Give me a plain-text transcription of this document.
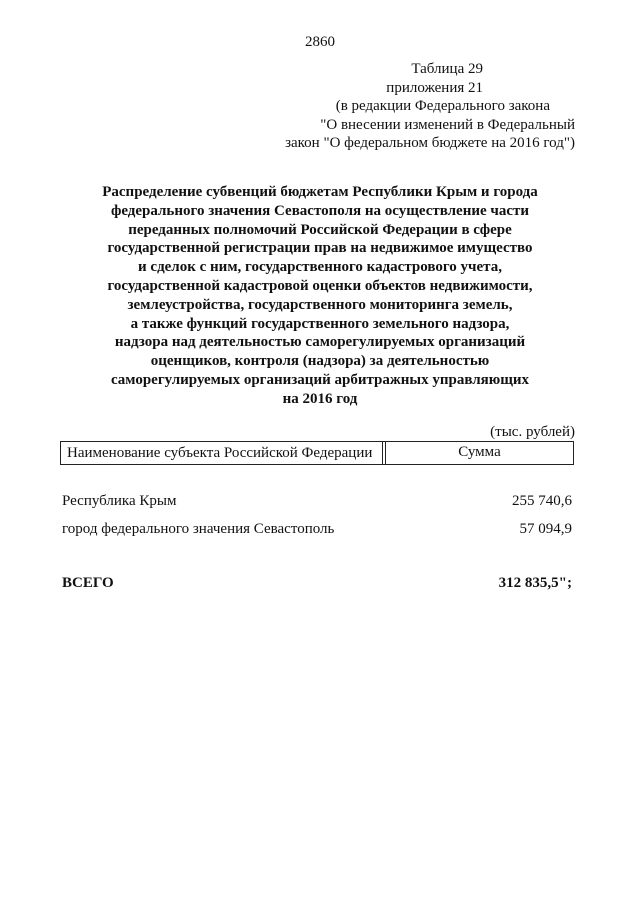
2860
Таблица 29
приложения 21
(в редакции Федерального закона
"О внесении изменений в Федеральный
закон "О федеральном бюджете на 2016 год")
Распределение субвенций бюджетам Республики Крым и города
федерального значения Севастополя на осуществление части
переданных полномочий Российской Федерации в сфере
государственной регистрации прав на недвижимое имущество
и сделок с ним, государственного кадастрового учета,
государственной кадастровой оценки объектов недвижимости,
землеустройства, государственного мониторинга земель,
а также функций государственного земельного надзора,
надзора над деятельностью саморегулируемых организаций
оценщиков, контроля (надзора) за деятельностью
саморегулируемых организаций арбитражных управляющих
на 2016 год
(тыс. рублей)
Наименование субъекта Российской Федерации	Сумма
Республика Крым	255 740,6
город федерального значения Севастополь	57 094,9
ВСЕГО	312 835,5";
